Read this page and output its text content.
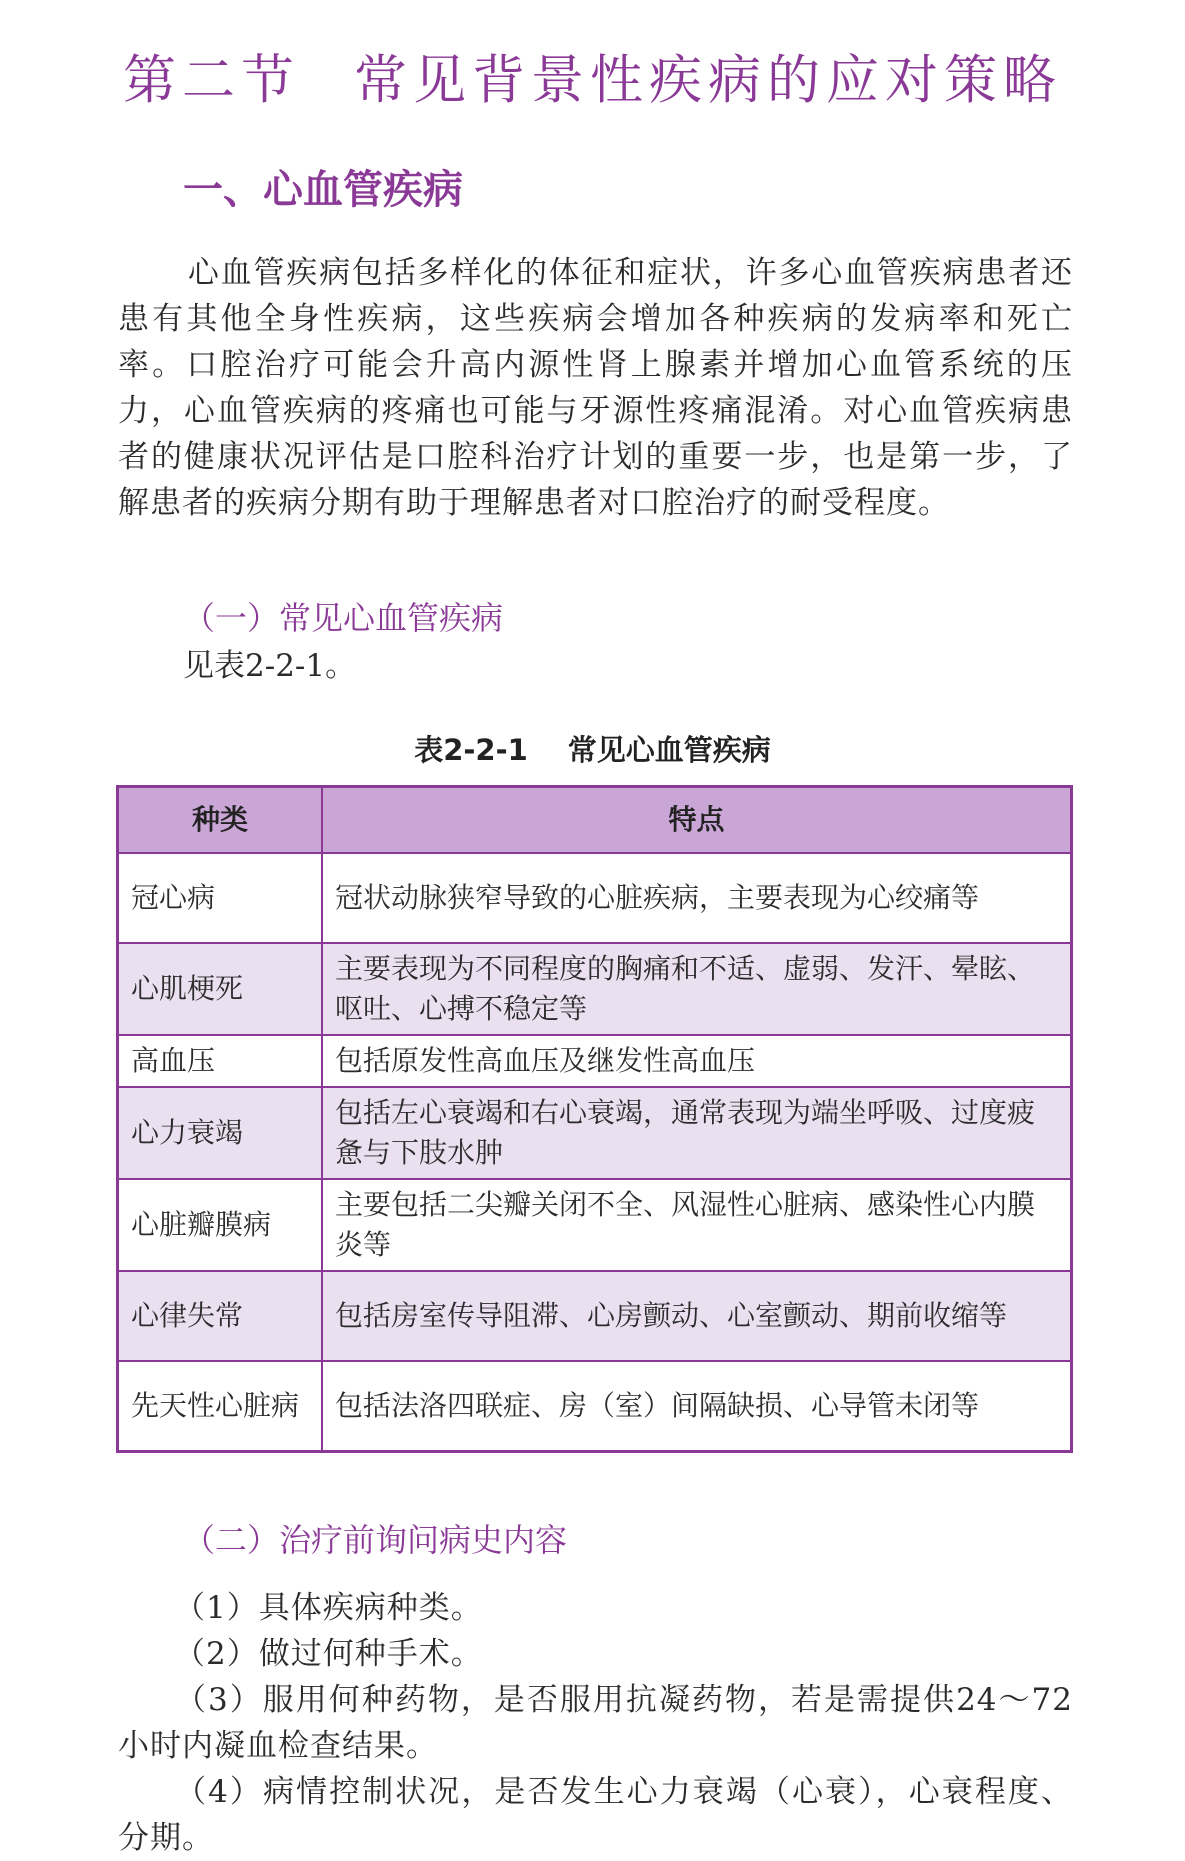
第二节 常见背景性疾病的应对策略
一、心血管疾病

心血管疾病包括多样化的体征和症状，许多心血管疾病患者还患有其他全身性疾病，这些疾病会增加各种疾病的发病率和死亡率。口腔治疗可能会升高内源性肾上腺素并增加心血管系统的压力，心血管疾病的疼痛也可能与牙源性疼痛混淆。对心血管疾病患者的健康状况评估是口腔科治疗计划的重要一步，也是第一步，了解患者的疾病分期有助于理解患者对口腔治疗的耐受程度。

（一）常见心血管疾病
见表2-2-1。
表2-2-1 常见心血管疾病
种类	特点
冠心病	冠状动脉狭窄导致的心脏疾病，主要表现为心绞痛等
心肌梗死	主要表现为不同程度的胸痛和不适、虚弱、发汗、晕眩、呕吐、心搏不稳定等
高血压	包括原发性高血压及继发性高血压
心力衰竭	包括左心衰竭和右心衰竭，通常表现为端坐呼吸、过度疲惫与下肢水肿
心脏瓣膜病	主要包括二尖瓣关闭不全、风湿性心脏病、感染性心内膜炎等
心律失常	包括房室传导阻滞、心房颤动、心室颤动、期前收缩等
先天性心脏病	包括法洛四联症、房（室）间隔缺损、心导管未闭等
（二）治疗前询问病史内容

（1）具体疾病种类。

（2）做过何种手术。

（3）服用何种药物，是否服用抗凝药物，若是需提供24～72小时内凝血检查结果。

（4）病情控制状况，是否发生心力衰竭（心衰），心衰程度、分期。
